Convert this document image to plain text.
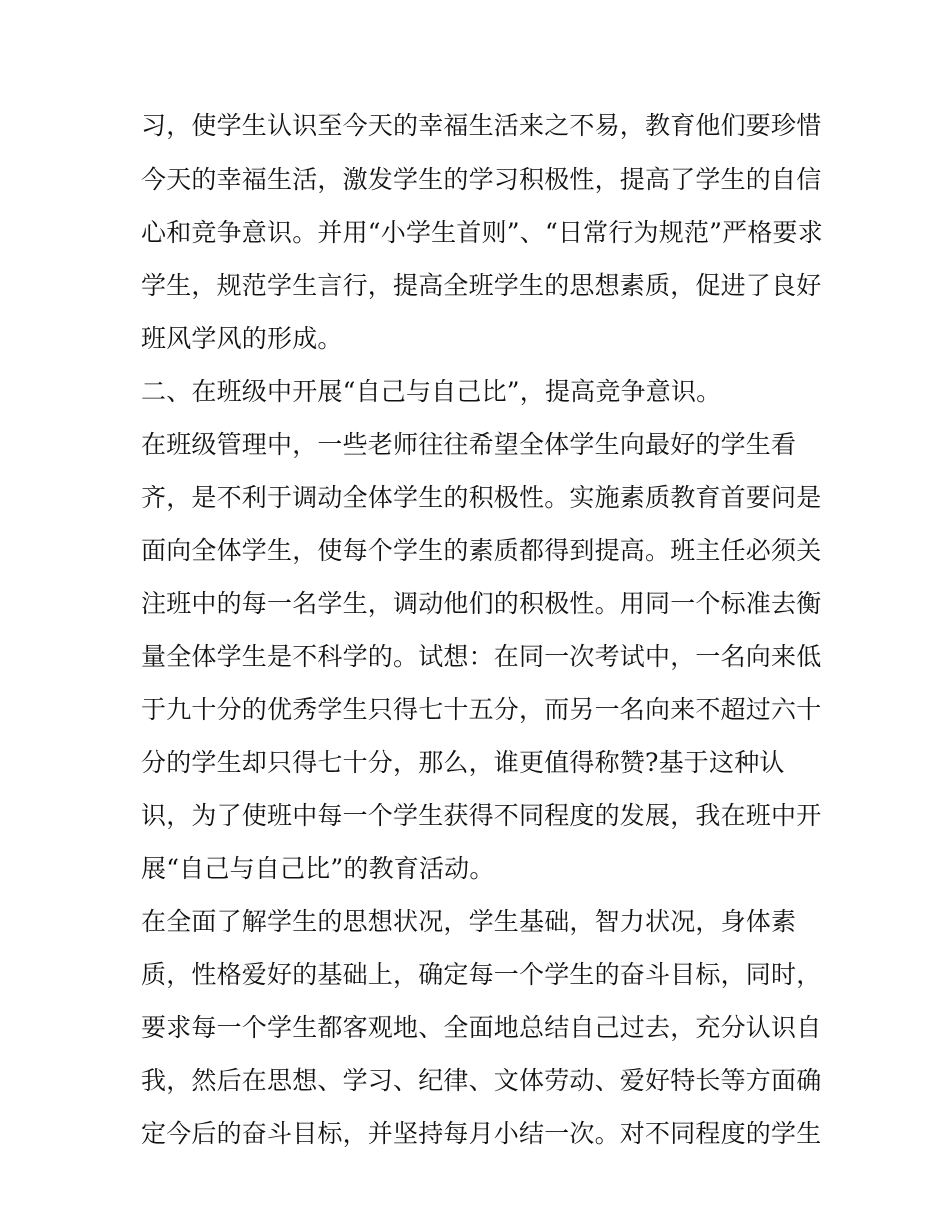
习，使学生认识至今天的幸福生活来之不易，教育他们要珍惜
今天的幸福生活，激发学生的学习积极性，提高了学生的自信
心和竞争意识。并用“小学生首则”、“日常行为规范”严格要求
学生，规范学生言行，提高全班学生的思想素质，促进了良好
班风学风的形成。
二、在班级中开展“自己与自己比”，提高竞争意识。
在班级管理中，一些老师往往希望全体学生向最好的学生看
齐，是不利于调动全体学生的积极性。实施素质教育首要问是
面向全体学生，使每个学生的素质都得到提高。班主任必须关
注班中的每一名学生，调动他们的积极性。用同一个标准去衡
量全体学生是不科学的。试想：在同一次考试中，一名向来低
于九十分的优秀学生只得七十五分，而另一名向来不超过六十
分的学生却只得七十分，那么，谁更值得称赞?基于这种认
识，为了使班中每一个学生获得不同程度的发展，我在班中开
展“自己与自己比”的教育活动。
在全面了解学生的思想状况，学生基础，智力状况，身体素
质，性格爱好的基础上，确定每一个学生的奋斗目标，同时，
要求每一个学生都客观地、全面地总结自己过去，充分认识自
我，然后在思想、学习、纪律、文体劳动、爱好特长等方面确
定今后的奋斗目标，并坚持每月小结一次。对不同程度的学生
